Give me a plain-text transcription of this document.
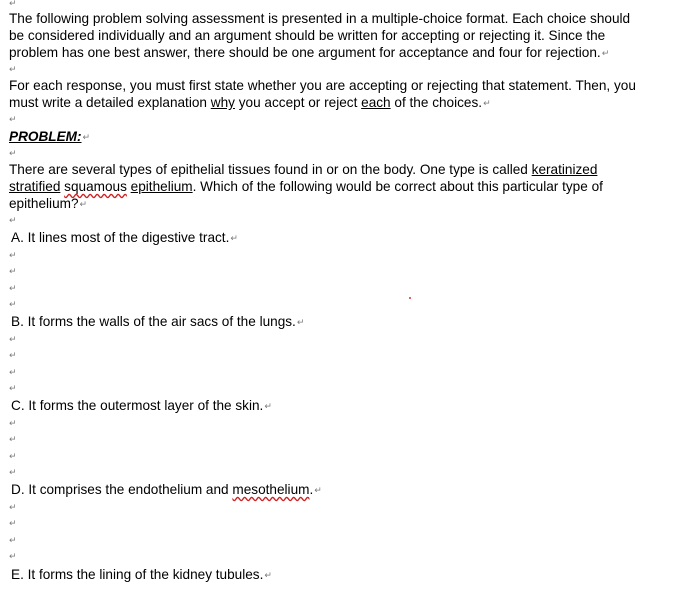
↵
The following problem solving assessment is presented in a multiple-choice format. Each choice should
be considered individually and an argument should be written for accepting or rejecting it. Since the
problem has one best answer, there should be one argument for acceptance and four for rejection.↵
↵
For each response, you must first state whether you are accepting or rejecting that statement. Then, you
must write a detailed explanation why you accept or reject each of the choices.↵
↵
PROBLEM:↵
↵
There are several types of epithelial tissues found in or on the body. One type is called keratinized
stratified squamous epithelium. Which of the following would be correct about this particular type of
epithelium?↵
↵
A. It lines most of the digestive tract.↵
↵
↵
↵
↵
B. It forms the walls of the air sacs of the lungs.↵
↵
↵
↵
↵
C. It forms the outermost layer of the skin.↵
↵
↵
↵
↵
D. It comprises the endothelium and mesothelium.↵
↵
↵
↵
↵
E. It forms the lining of the kidney tubules.↵
